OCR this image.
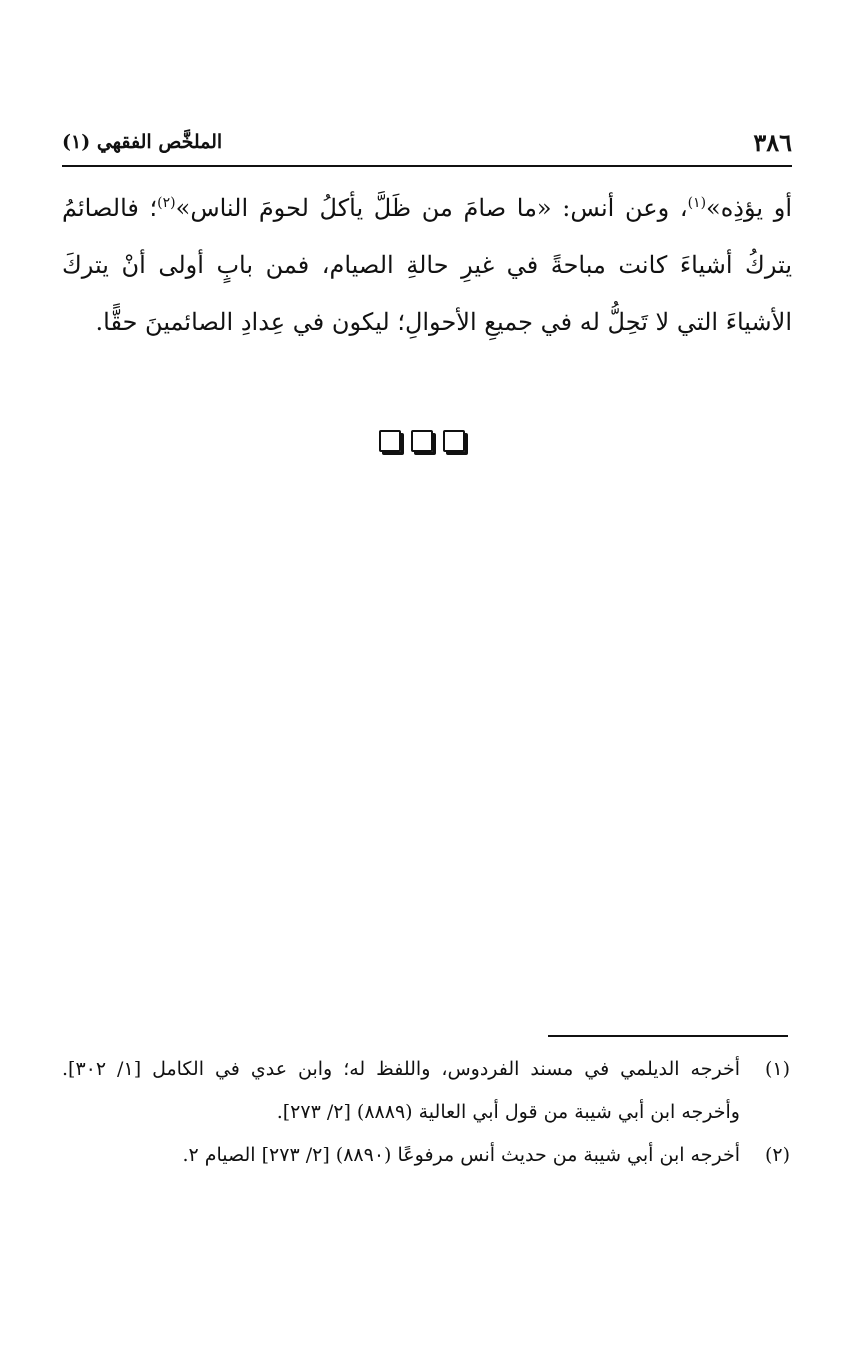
٣٨٦
الملخَّص الفقهي (١)

أو يؤذِه»$^{(١)}$، وعن أنس: «ما صامَ من ظَلَّ يأكلُ لحومَ الناس»$^{(٢)}$؛ فالصائمُ يتركُ أشياءَ كانت مباحةً في غيرِ حالةِ الصيام، فمن بابٍ أولى أنْ يتركَ الأشياءَ التي لا تَحِلُّ له في جميعِ الأحوالِ؛ ليكون في عِدادِ الصائمينَ حقًّا.

(١)
أخرجه الديلمي في مسند الفردوس، واللفظ له؛ وابن عدي في الكامل [١/ ٣٠٢]. وأخرجه ابن أبي شيبة من قول أبي العالية (٨٨٨٩) [٢/ ٢٧٣].
(٢)
أخرجه ابن أبي شيبة من حديث أنس مرفوعًا (٨٨٩٠) [٢/ ٢٧٣] الصيام ٢.
